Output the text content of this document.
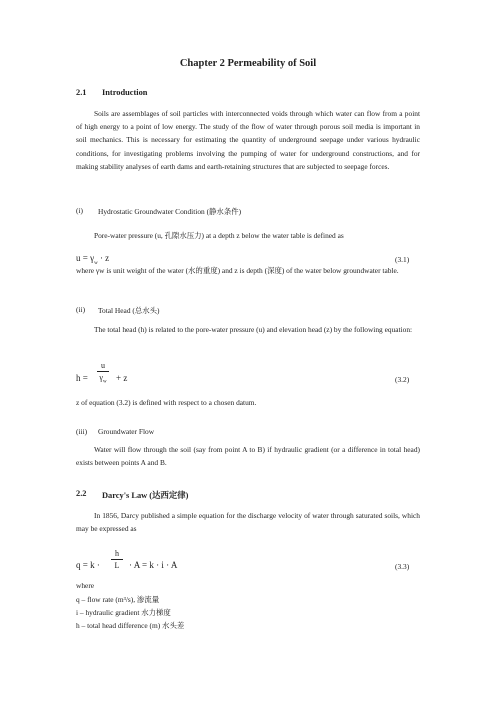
Chapter 2 Permeability of Soil
2.1 Introduction
Soils are assemblages of soil particles with interconnected voids through which water can flow from a point of high energy to a point of low energy. The study of the flow of water through porous soil media is important in soil mechanics. This is necessary for estimating the quantity of underground seepage under various hydraulic conditions, for investigating problems involving the pumping of water for underground constructions, and for making stability analyses of earth dams and earth-retaining structures that are subjected to seepage forces.
(i) Hydrostatic Groundwater Condition (静水条件)
Pore-water pressure (u, 孔隙水压力) at a depth z below the water table is defined as
$u = \gamma_w \cdot z$	(3.1)
where γw is unit weight of the water (水的重度) and z is depth (深度) of the water below groundwater table.
(ii) Total Head (总水头)
The total head (h) is related to the pore-water pressure (u) and elevation head (z) by the following equation:
h =
u
$\gamma_w + z$	(3.2)
z of equation (3.2) is defined with respect to a chosen datum.
(iii) Groundwater Flow
Water will flow through the soil (say from point A to B) if hydraulic gradient (or a difference in total head) exists between points A and B.
2.2 Darcy's Law (达西定律)
In 1856, Darcy published a simple equation for the discharge velocity of water through saturated soils, which may be expressed as
q = k ·
h
L · A = k · i · A	(3.3)
where
q – flow rate (m³/s), 渗流量
i – hydraulic gradient 水力梯度
h – total head difference (m) 水头差
